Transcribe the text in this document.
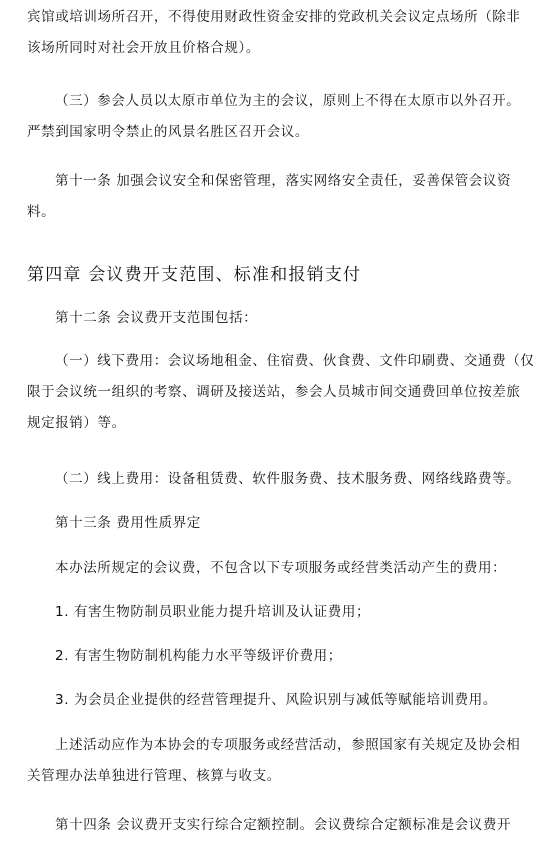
宾馆或培训场所召开，不得使用财政性资金安排的党政机关会议定点场所（除非
该场所同时对社会开放且价格合规）。
（三）参会人员以太原市单位为主的会议，原则上不得在太原市以外召开。
严禁到国家明令禁止的风景名胜区召开会议。
第十一条 加强会议安全和保密管理，落实网络安全责任，妥善保管会议资
料。
第四章 会议费开支范围、标准和报销支付
第十二条 会议费开支范围包括：
（一）线下费用：会议场地租金、住宿费、伙食费、文件印刷费、交通费（仅
限于会议统一组织的考察、调研及接送站，参会人员城市间交通费回单位按差旅
规定报销）等。
（二）线上费用：设备租赁费、软件服务费、技术服务费、网络线路费等。
第十三条 费用性质界定
本办法所规定的会议费，不包含以下专项服务或经营类活动产生的费用：
1. 有害生物防制员职业能力提升培训及认证费用；
2. 有害生物防制机构能力水平等级评价费用；
3. 为会员企业提供的经营管理提升、风险识别与减低等赋能培训费用。
上述活动应作为本协会的专项服务或经营活动，参照国家有关规定及协会相
关管理办法单独进行管理、核算与收支。
第十四条 会议费开支实行综合定额控制。会议费综合定额标准是会议费开
